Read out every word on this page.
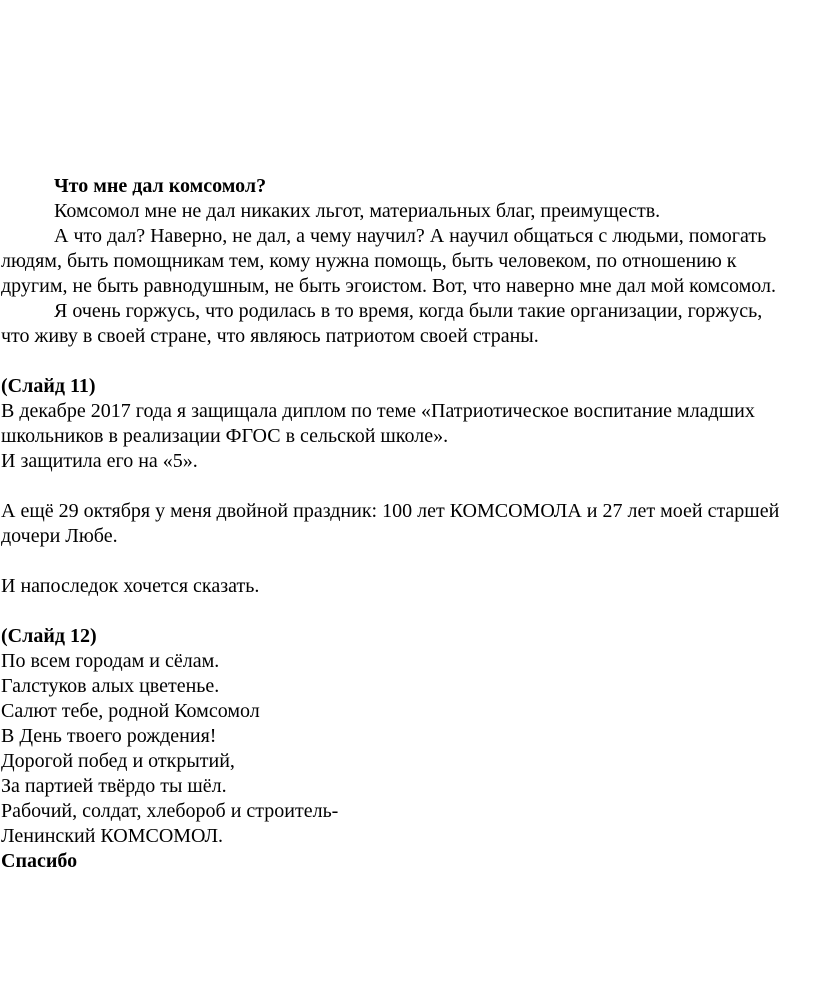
Что мне дал комсомол?

Комсомол мне не дал никаких льгот, материальных благ, преимуществ.

А что дал? Наверно, не дал, а чему научил? А научил общаться с людьми, помогать людям, быть помощникам тем, кому нужна помощь, быть человеком, по отношению к другим, не быть равнодушным, не быть эгоистом. Вот, что наверно мне дал мой комсомол.

Я очень горжусь, что родилась в то время, когда были такие организации, горжусь, что живу в своей стране, что являюсь патриотом своей страны.

(Слайд 11)

В декабре 2017 года я защищала диплом по теме «Патриотическое воспитание младших школьников в реализации ФГОС в сельской школе».

И защитила его на «5».

А ещё 29 октября у меня двойной праздник: 100 лет КОМСОМОЛА и 27 лет моей старшей дочери Любе.

И напоследок хочется сказать.

(Слайд 12)

По всем городам и сёлам.

Галстуков алых цветенье.

Салют тебе, родной Комсомол

В День твоего рождения!

Дорогой побед и открытий,

За партией твёрдо ты шёл.

Рабочий, солдат, хлебороб и строитель-

Ленинский КОМСОМОЛ.

Спасибо
